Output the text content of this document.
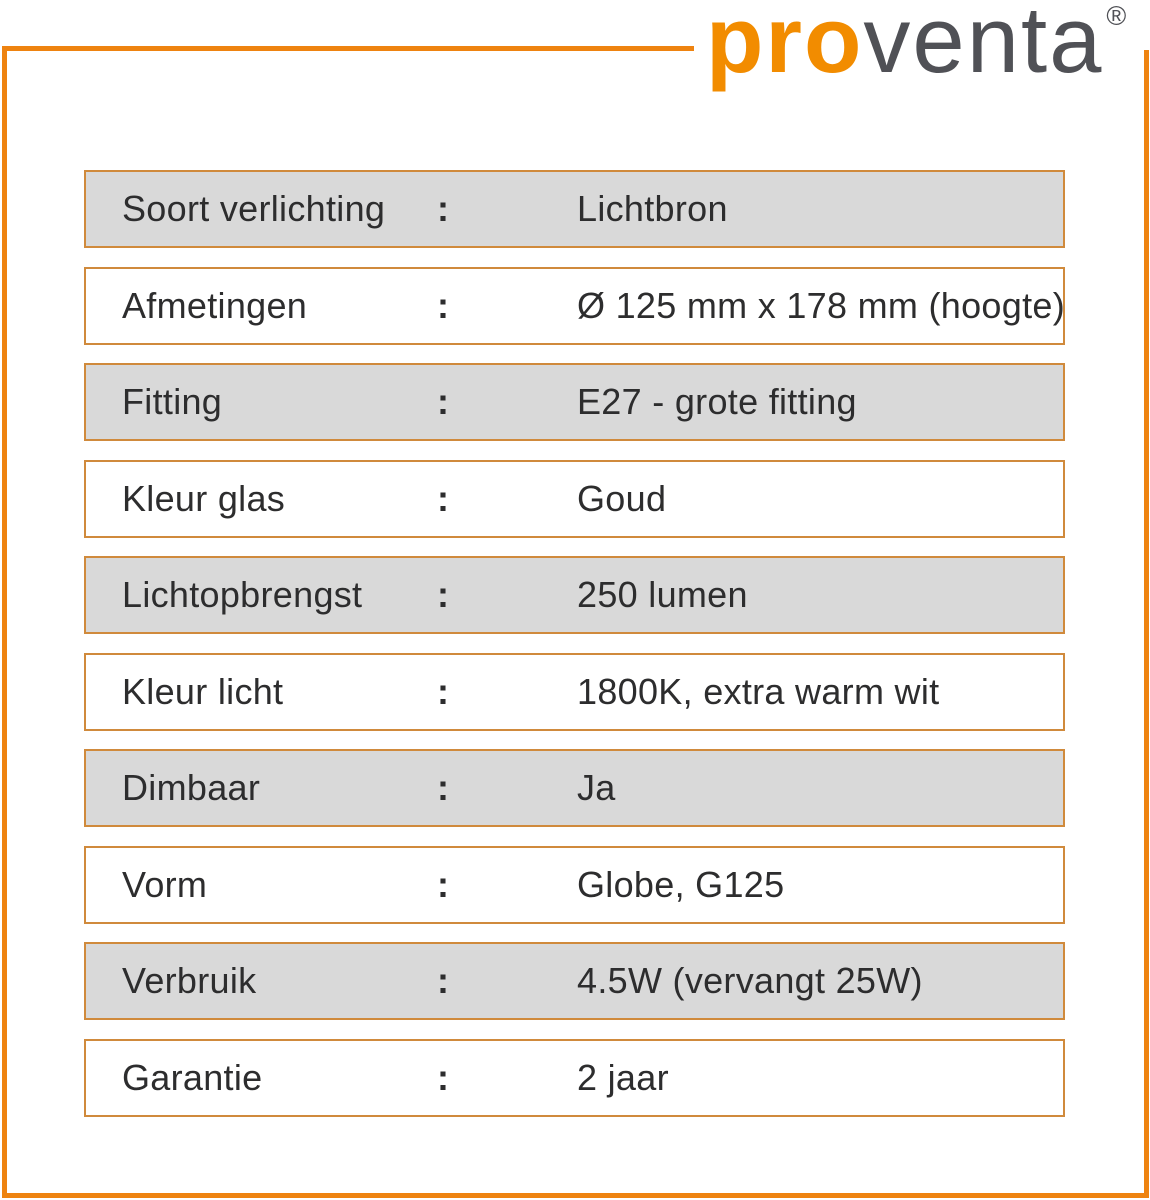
proventa ®
Soort verlichting :	Lichtbron
Afmetingen	:	Ø 125 mm x 178 mm (hoogte)
Fitting	:	E27 - grote fitting
Kleur glas	:	Goud
Lichtopbrengst :	250 lumen
Kleur licht	:	1800K, extra warm wit
Dimbaar	:	Ja
Vorm	:	Globe, G125
Verbruik	:	4.5W (vervangt 25W)
Garantie	:	2 jaar
